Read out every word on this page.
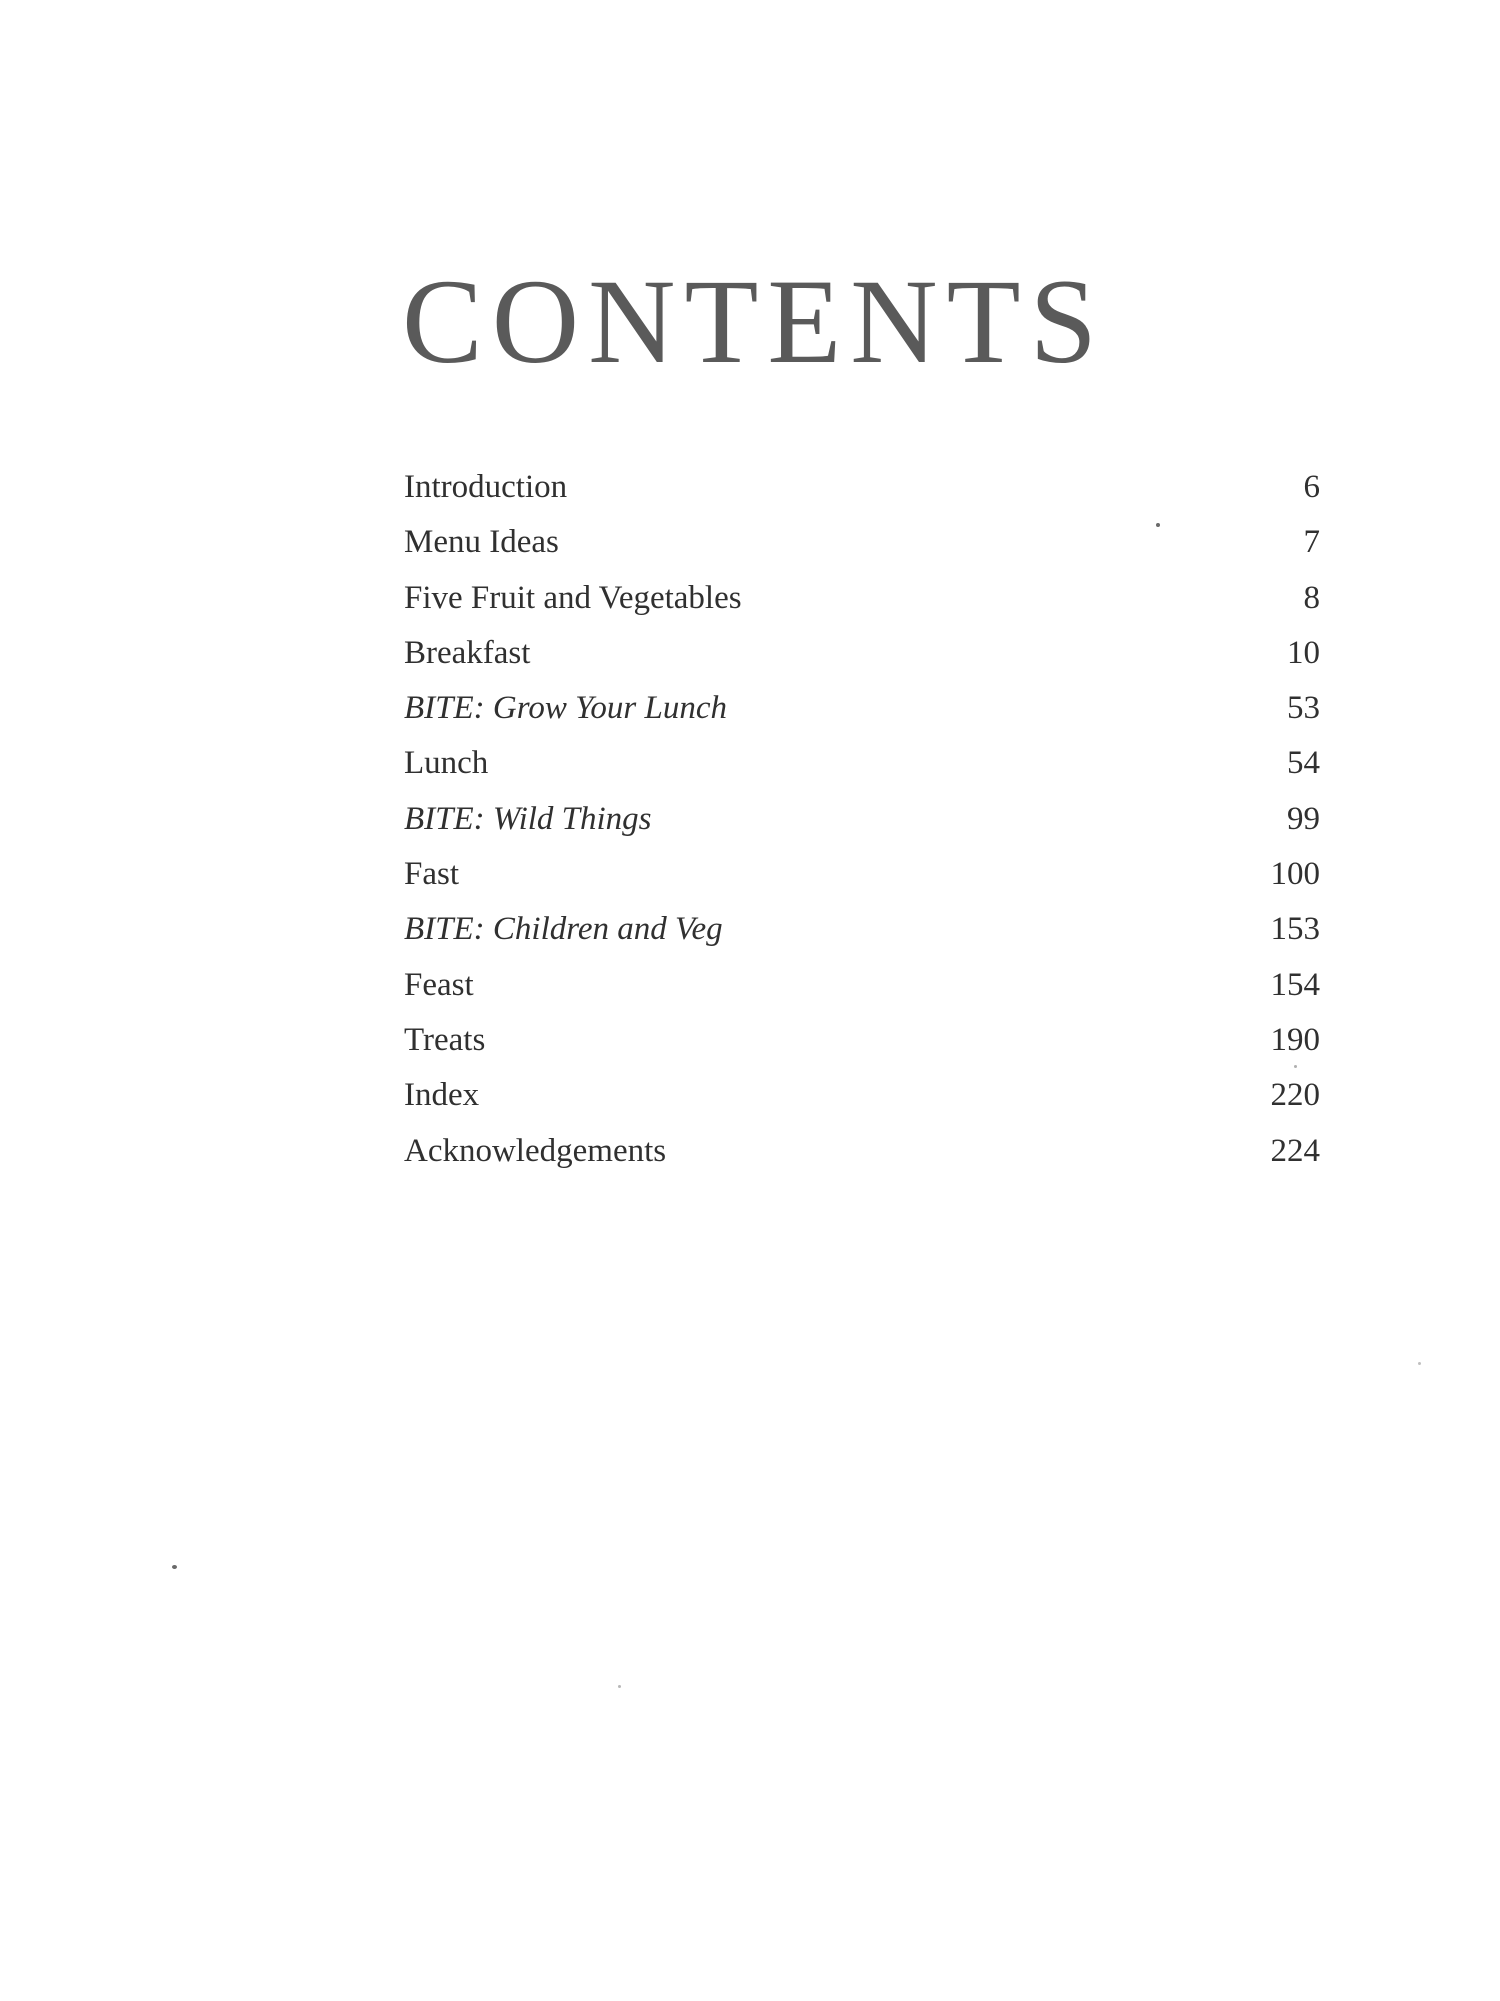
CONTENTS
Introduction	6
Menu Ideas	7
Five Fruit and Vegetables	8
Breakfast	10
BITE: Grow Your Lunch	53
Lunch	54
BITE: Wild Things	99
Fast	100
BITE: Children and Veg	153
Feast	154
Treats	190
Index	220
Acknowledgements	224
